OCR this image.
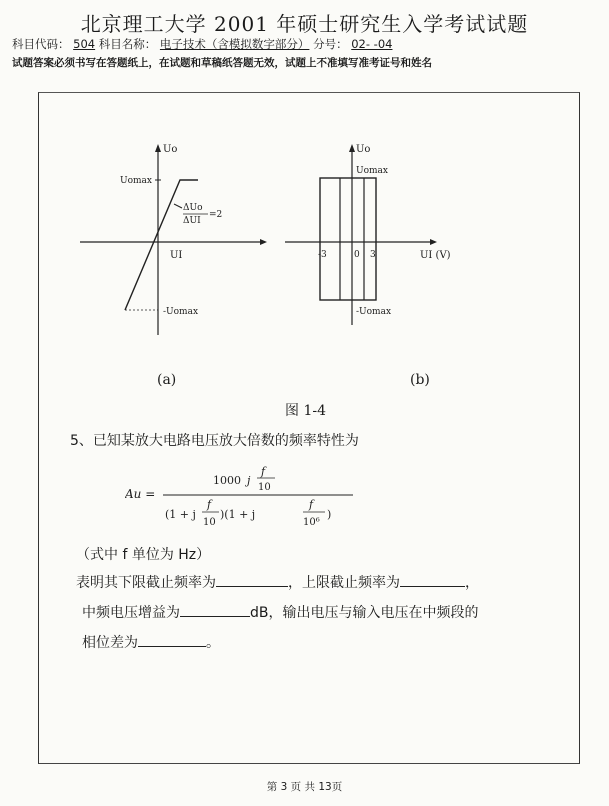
北京理工大学 2001 年硕士研究生入学考试试题
科目代码： 504 科目名称： 电子技术（含模拟数字部分） 分号： 02- -04
试题答案必须书写在答题纸上，在试题和草稿纸答题无效，试题上不准填写准考证号和姓名
Uo
Uomax
-Uomax
ΔUo
ΔUI
=2
UI
Uo
Uomax
-Uomax
-3	0 3	UI (V)
(a)	(b)
图 1-4
5、已知某放大电路电压放大倍数的频率特性为
Au =
1000 j
f
10
(1 + j
f
10
)(1 + j
f
10⁶
)
（式中 f 单位为 Hz）
表明其下限截止频率为	，上限截止频率为	，
中频电压增益为	dB，输出电压与输入电压在中频段的
相位差为	。
第 3 页 共 13页
